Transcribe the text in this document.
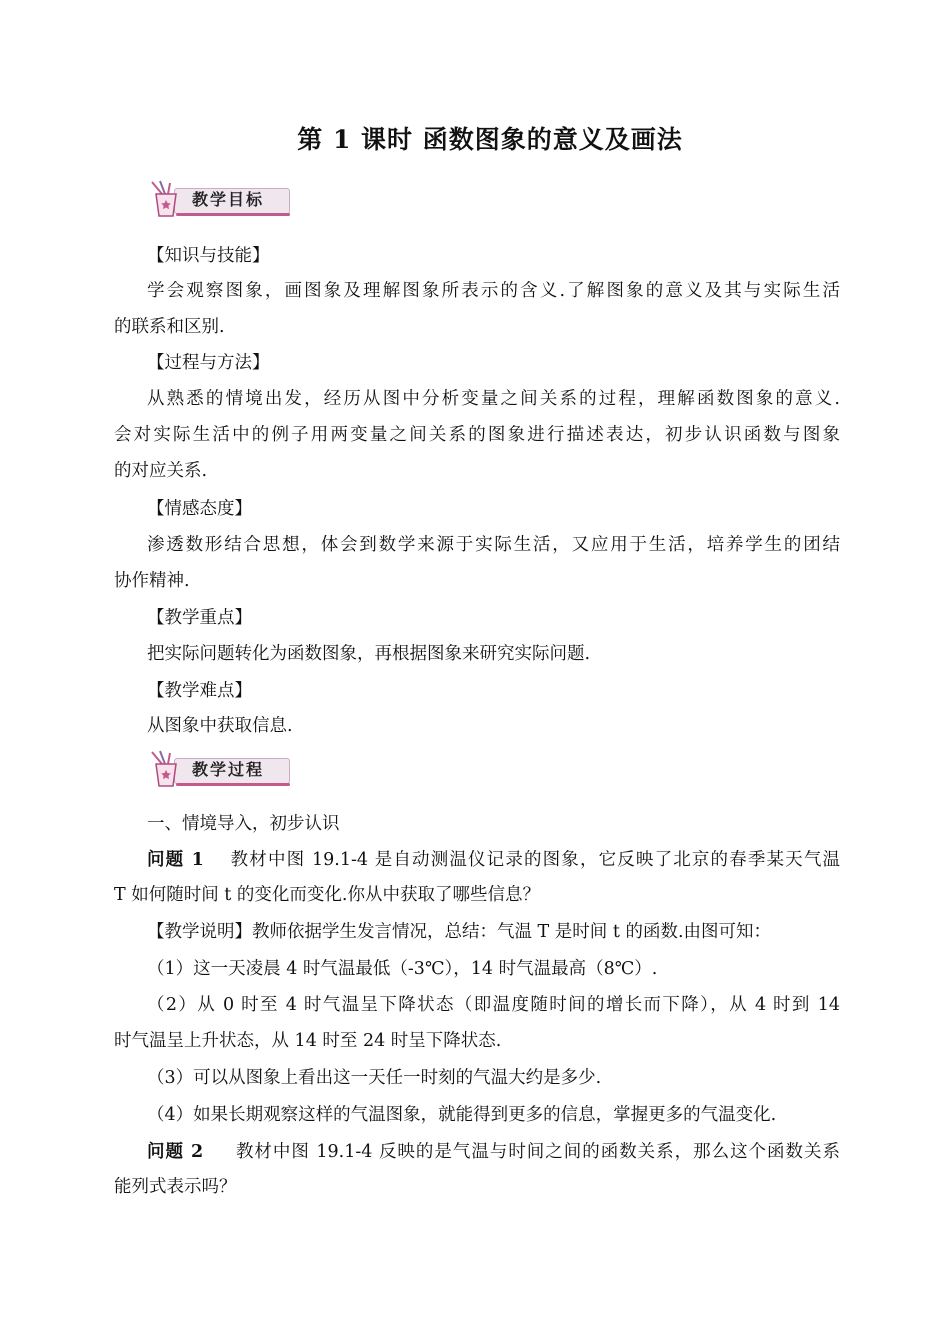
第 1 课时 函数图象的意义及画法
教学目标
【知识与技能】
学会观察图象，画图象及理解图象所表示的含义.了解图象的意义及其与实际生活
的联系和区别.
【过程与方法】
从熟悉的情境出发，经历从图中分析变量之间关系的过程，理解函数图象的意义.
会对实际生活中的例子用两变量之间关系的图象进行描述表达，初步认识函数与图象
的对应关系.
【情感态度】
渗透数形结合思想，体会到数学来源于实际生活，又应用于生活，培养学生的团结
协作精神.
【教学重点】
把实际问题转化为函数图象，再根据图象来研究实际问题.
【教学难点】
从图象中获取信息.
教学过程
一、情境导入，初步认识
问题 1 教材中图 19.1-4 是自动测温仪记录的图象，它反映了北京的春季某天气温
T 如何随时间 t 的变化而变化.你从中获取了哪些信息？
【教学说明】教师依据学生发言情况，总结：气温 T 是时间 t 的函数.由图可知：
（1）这一天凌晨 4 时气温最低（-3℃），14 时气温最高（8℃）.
（2）从 0 时至 4 时气温呈下降状态（即温度随时间的增长而下降），从 4 时到 14
时气温呈上升状态，从 14 时至 24 时呈下降状态.
（3）可以从图象上看出这一天任一时刻的气温大约是多少.
（4）如果长期观察这样的气温图象，就能得到更多的信息，掌握更多的气温变化.
问题 2 教材中图 19.1-4 反映的是气温与时间之间的函数关系，那么这个函数关系
能列式表示吗？
